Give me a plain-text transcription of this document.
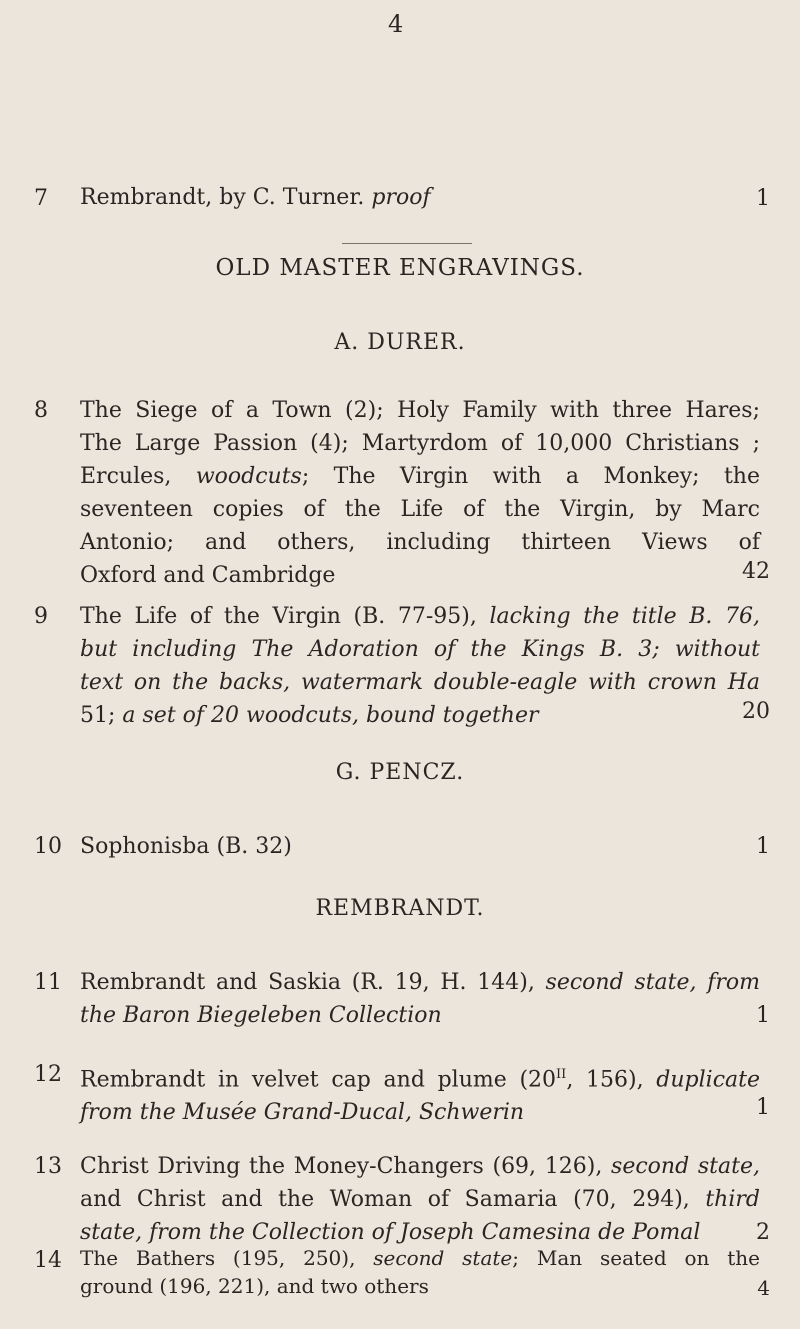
4
7	Rembrandt, by C. Turner. proof	1
OLD MASTER ENGRAVINGS.
A. DURER.
8	The Siege of a Town (2); Holy Family with three Hares;
The Large Passion (4); Martyrdom of 10,000 Christians ;
Ercules, woodcuts; The Virgin with a Monkey; the
seventeen copies of the Life of the Virgin, by Marc
Antonio; and others, including thirteen Views of
Oxford and Cambridge	42
9	The Life of the Virgin (B. 77-95), lacking the title B. 76,
but including The Adoration of the Kings B. 3; without
text on the backs, watermark double-eagle with crown Ha
51; a set of 20 woodcuts, bound together	20
G. PENCZ.
10 Sophonisba (B. 32)	1
REMBRANDT.
11 Rembrandt and Saskia (R. 19, H. 144), second state, from
the Baron Biegeleben Collection	1
12 Rembrandt in velvet cap and plume ($20^{II}$, 156), duplicate
from the Musée Grand-Ducal, Schwerin	1
13 Christ Driving the Money-Changers (69, 126), second state,
and Christ and the Woman of Samaria (70, 294), third
state, from the Collection of Joseph Camesina de Pomal	2
14 The Bathers (195, 250), second state; Man seated on the
ground (196, 221), and two others	4
